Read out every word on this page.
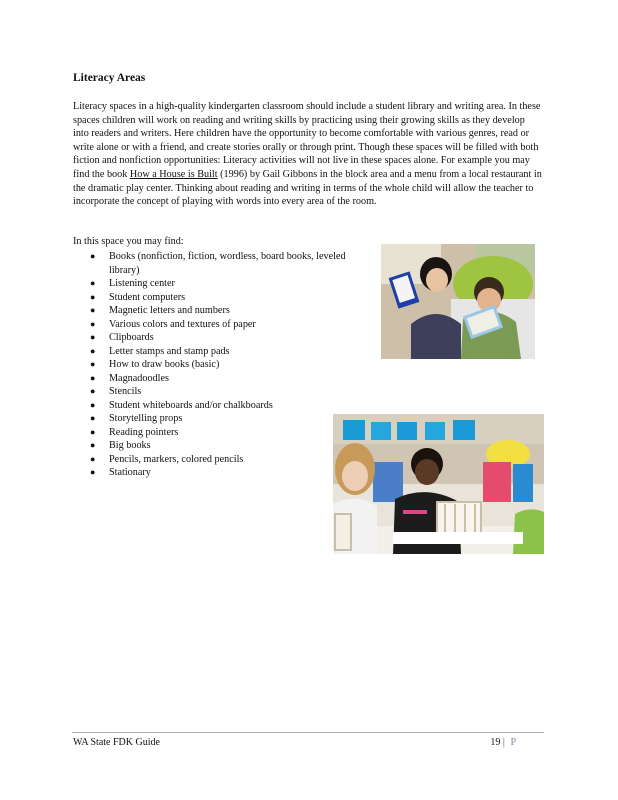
Literacy Areas

Literacy spaces in a high-quality kindergarten classroom should include a student library and writing area. In these spaces children will work on reading and writing skills by practicing using their growing skills as they develop into readers and writers. Here children have the opportunity to become comfortable with various genres, read or write alone or with a friend, and create stories orally or through print. Though these spaces will be filled with both fiction and nonfiction opportunities: Literacy activities will not live in these spaces alone. For example you may find the book How a House is Built (1996) by Gail Gibbons in the block area and a menu from a local restaurant in the dramatic play center. Thinking about reading and writing in terms of the whole child will allow the teacher to incorporate the concept of playing with words into every area of the room.

In this space you may find:
● Books (nonfiction, fiction, wordless, board books, leveled library)
● Listening center
● Student computers
● Magnetic letters and numbers
● Various colors and textures of paper
● Clipboards
● Letter stamps and stamp pads
● How to draw books (basic)
● Magnadoodles
● Stencils
● Student whiteboards and/or chalkboards
● Storytelling props
● Reading pointers
● Big books
● Pencils, markers, colored pencils
● Stationary
WA State FDK Guide	19 | P
